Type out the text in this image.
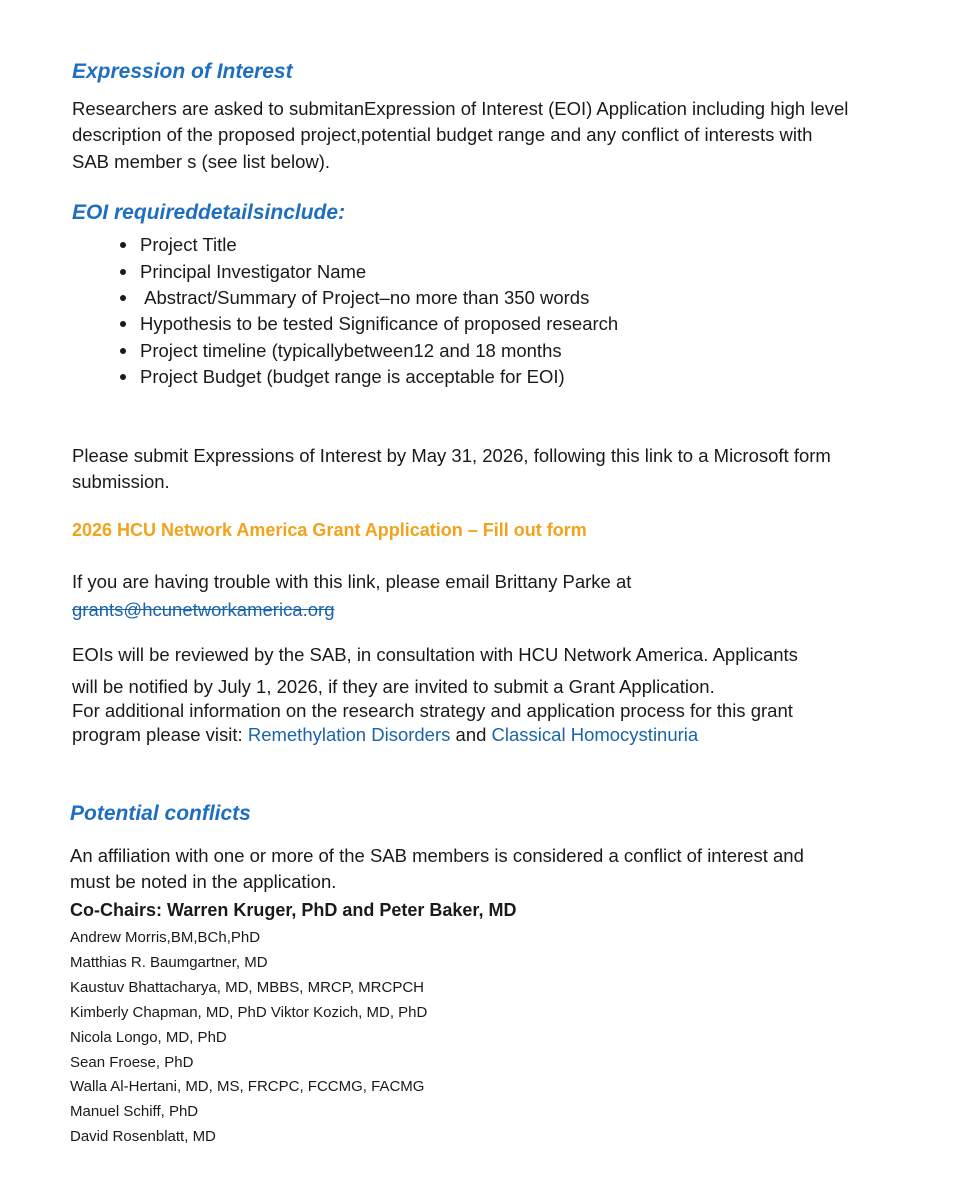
Expression of Interest
Researchers are asked to submitanExpression of Interest (EOI) Application including high level
description of the proposed project,potential budget range and any conflict of interests with
SAB member s (see list below).
EOI requireddetailsinclude:
Project Title
Principal Investigator Name
Abstract/Summary of Project–no more than 350 words
Hypothesis to be tested Significance of proposed research
Project timeline (typicallybetween12 and 18 months
Project Budget (budget range is acceptable for EOI)
Please submit Expressions of Interest by May 31, 2026, following this link to a Microsoft form
submission.
2026 HCU Network America Grant Application – Fill out form
If you are having trouble with this link, please email Brittany Parke at
grants@hcunetworkamerica.org
EOIs will be reviewed by the SAB, in consultation with HCU Network America. Applicants
will be notified by July 1, 2026, if they are invited to submit a Grant Application.
For additional information on the research strategy and application process for this grant
program please visit: Remethylation Disorders and Classical Homocystinuria
Potential conflicts
An affiliation with one or more of the SAB members is considered a conflict of interest and
must be noted in the application.
Co-Chairs: Warren Kruger, PhD and Peter Baker, MD
Andrew Morris,BM,BCh,PhD
Matthias R. Baumgartner, MD
Kaustuv Bhattacharya, MD, MBBS, MRCP, MRCPCH
Kimberly Chapman, MD, PhD Viktor Kozich, MD, PhD
Nicola Longo, MD, PhD
Sean Froese, PhD
Walla Al-Hertani, MD, MS, FRCPC, FCCMG, FACMG
Manuel Schiff, PhD
David Rosenblatt, MD
